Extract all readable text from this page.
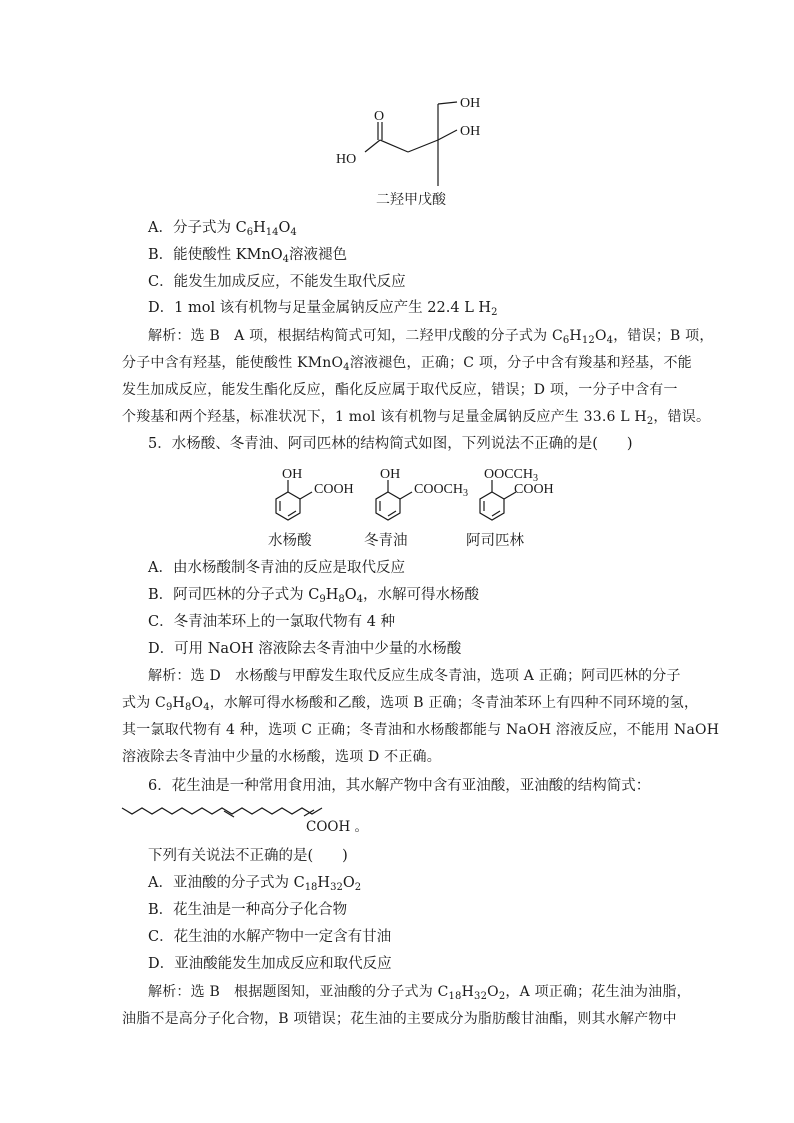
OH
OH
O
HO
二羟甲戊酸
A．分子式为 $C_6H_{14}O_4$
B．能使酸性 KMnO$_4$溶液褪色
C．能发生加成反应，不能发生取代反应
D．1 mol 该有机物与足量金属钠反应产生 22.4 L $H_2$
解析：选 B　A 项，根据结构简式可知，二羟甲戊酸的分子式为 $C_6H_{12}O_4$，错误；B 项，
分子中含有羟基，能使酸性 KMnO$_4$溶液褪色，正确；C 项，分子中含有羧基和羟基，不能
发生加成反应，能发生酯化反应，酯化反应属于取代反应，错误；D 项，一分子中含有一
个羧基和两个羟基，标准状况下，1 mol 该有机物与足量金属钠反应产生 33.6 L $H_2$，错误。
5．水杨酸、冬青油、阿司匹林的结构简式如图，下列说法不正确的是(　　)
OH
COOH
OH
$COOCH_3$
$OOCCH_3$
COOH
水杨酸	冬青油	阿司匹林
A．由水杨酸制冬青油的反应是取代反应
B．阿司匹林的分子式为 $C_9H_8O_4$，水解可得水杨酸
C．冬青油苯环上的一氯取代物有 4 种
D．可用 NaOH 溶液除去冬青油中少量的水杨酸
解析：选 D　水杨酸与甲醇发生取代反应生成冬青油，选项 A 正确；阿司匹林的分子
式为 $C_9H_8O_4$，水解可得水杨酸和乙酸，选项 B 正确；冬青油苯环上有四种不同环境的氢，
其一氯取代物有 4 种，选项 C 正确；冬青油和水杨酸都能与 NaOH 溶液反应，不能用 NaOH
溶液除去冬青油中少量的水杨酸，选项 D 不正确。
6．花生油是一种常用食用油，其水解产物中含有亚油酸，亚油酸的结构简式：
COOH 。
下列有关说法不正确的是(　　)
A．亚油酸的分子式为 $C_{18}H_{32}O_2$
B．花生油是一种高分子化合物
C．花生油的水解产物中一定含有甘油
D．亚油酸能发生加成反应和取代反应
解析：选 B　根据题图知，亚油酸的分子式为 $C_{18}H_{32}O_2$，A 项正确；花生油为油脂，
油脂不是高分子化合物，B 项错误；花生油的主要成分为脂肪酸甘油酯，则其水解产物中
